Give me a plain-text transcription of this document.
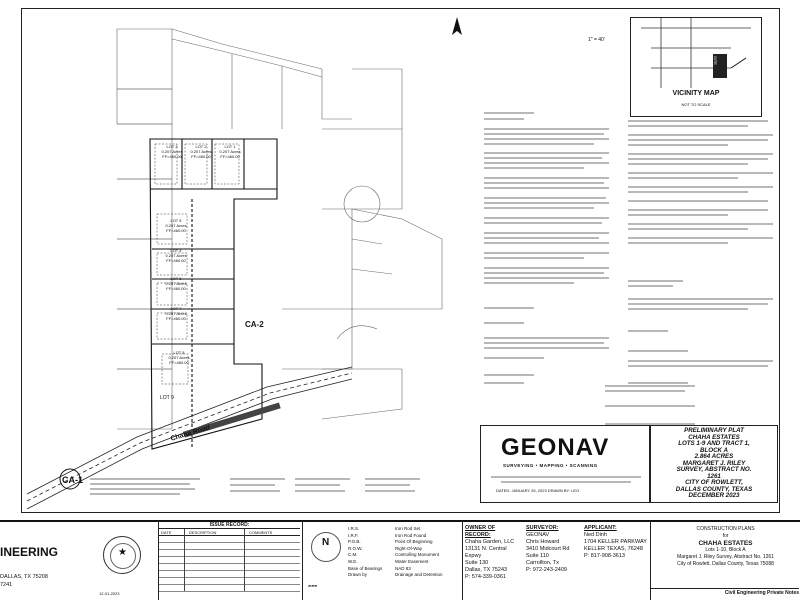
LOT 3
0.207 Acres
FF=460.00
LOT 2
0.207 Acres
FF=460.00
LOT 1
0.207 Acres
FF=460.00
LOT 5
0.207 Acres
FF=460.00
LOT 4
0.207 Acres
FF=460.00
LOT 6
0.207 Acres
FF=460.00
LOT 7
0.207 Acres
FF=460.00
LOT 8
0.207 Acres
FF=460.00
LOT 9
CA-1
CA-2
Chaha Road
1" = 40'
VICINITY MAP
NOT TO SCALE
SITE
GEONAV
SURVEYING • MAPPING • SCANNING
DATED: JANUARY 26, 2023 DRAWN BY: LEO
PRELIMINARY PLAT
CHAHA ESTATES
LOTS 1-9 AND TRACT 1,
BLOCK A
2.864 ACRES
MARGARET J. RILEY
SURVEY, ABSTRACT NO.
1261
CITY OF ROWLETT,
DALLAS COUNTY, TEXAS
DECEMBER 2023
INEERING
DALLAS, TX 75208
7241
★
12-01-2023
ISSUE RECORD:
DATE	DESCRIPTION	COMMENTS
N
▰▰▰
I.R.S.
I.R.F.
P.O.B.
R.O.W.
C.M.
W.E.
Base of Bearings
Drawn by
Iron Rod Set
Iron Rod Found
Point Of Beginning
Right-Of-Way
Controlling Monument
Water Easement
NAD 83
Drainage and Detention
OWNER OF RECORD:
Chaha Garden, LLC
13131 N. Central Expwy
Suite 130
Dallas, TX 75243
P: 574-339-0361
SURVEYOR:
GEONAV
Chris Howard
3410 Midcourt Rd
Suite 110
Carrollton, Tx
P: 972-243-2409
APPLICANT:
Ned Dinh
1704 KELLER PARKWAY
KELLER TEXAS, 76248
P: 817-908-3613
CONSTRUCTION PLANS
for
CHAHA ESTATES
Lots 1-10, Block A
Margaret J. Riley Survey, Abstract No. 1261
City of Rowlett, Dallas County, Texas 75088
Civil Engineering Private Notes
